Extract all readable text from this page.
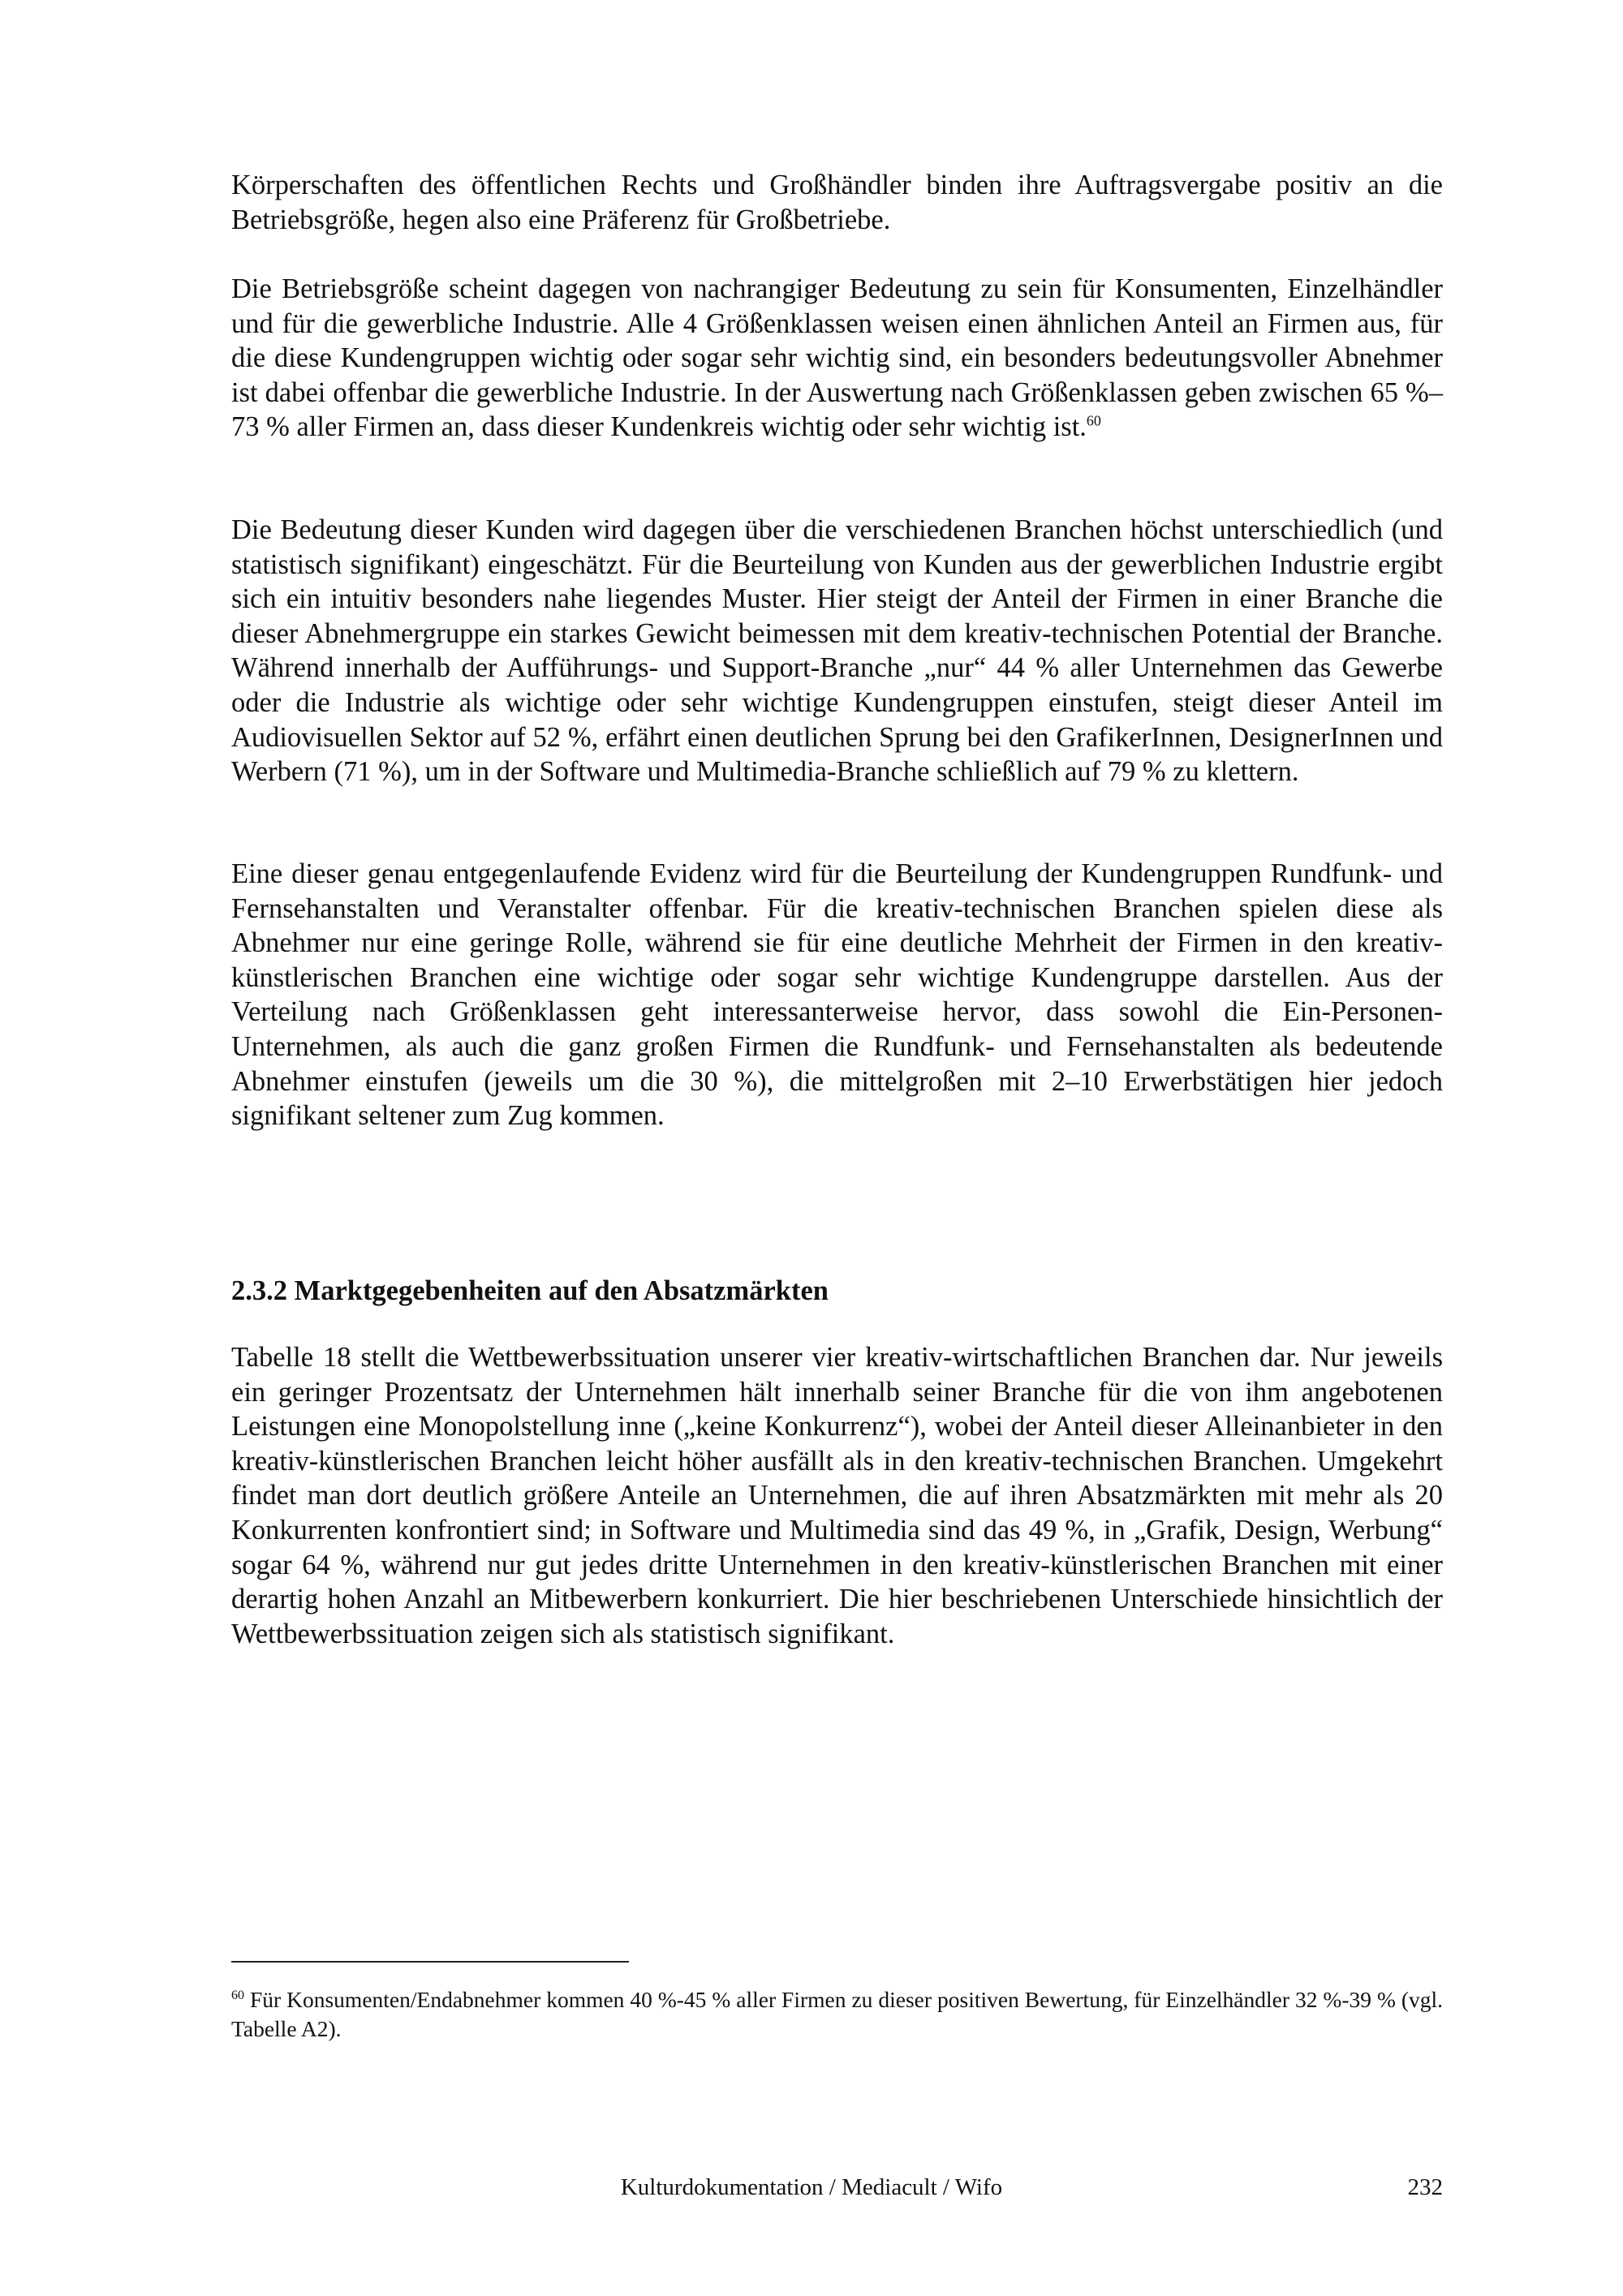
Körperschaften des öffentlichen Rechts und Großhändler binden ihre Auftragsvergabe positiv an die Betriebsgröße, hegen also eine Präferenz für Großbetriebe.

Die Betriebsgröße scheint dagegen von nachrangiger Bedeutung zu sein für Konsumenten, Einzelhändler und für die gewerbliche Industrie. Alle 4 Größenklassen weisen einen ähnlichen Anteil an Firmen aus, für die diese Kundengruppen wichtig oder sogar sehr wichtig sind, ein besonders bedeutungsvoller Abnehmer ist dabei offenbar die gewerbliche Industrie. In der Auswertung nach Größenklassen geben zwischen 65 %–73 % aller Firmen an, dass dieser Kundenkreis wichtig oder sehr wichtig ist.$^{60}$

Die Bedeutung dieser Kunden wird dagegen über die verschiedenen Branchen höchst unterschiedlich (und statistisch signifikant) eingeschätzt. Für die Beurteilung von Kunden aus der gewerblichen Industrie ergibt sich ein intuitiv besonders nahe liegendes Muster. Hier steigt der Anteil der Firmen in einer Branche die dieser Abnehmergruppe ein starkes Gewicht beimessen mit dem kreativ-technischen Potential der Branche. Während innerhalb der Aufführungs- und Support-Branche „nur“ 44 % aller Unternehmen das Gewerbe oder die Industrie als wichtige oder sehr wichtige Kundengruppen einstufen, steigt dieser Anteil im Audiovisuellen Sektor auf 52 %, erfährt einen deutlichen Sprung bei den GrafikerInnen, DesignerInnen und Werbern (71 %), um in der Software und Multimedia-Branche schließlich auf 79 % zu klettern.

Eine dieser genau entgegenlaufende Evidenz wird für die Beurteilung der Kundengruppen Rundfunk- und Fernsehanstalten und Veranstalter offenbar. Für die kreativ-technischen Branchen spielen diese als Abnehmer nur eine geringe Rolle, während sie für eine deutliche Mehrheit der Firmen in den kreativ-künstlerischen Branchen eine wichtige oder sogar sehr wichtige Kundengruppe darstellen. Aus der Verteilung nach Größenklassen geht interessanterweise hervor, dass sowohl die Ein-Personen-Unternehmen, als auch die ganz großen Firmen die Rundfunk- und Fernsehanstalten als bedeutende Abnehmer einstufen (jeweils um die 30 %), die mittelgroßen mit 2–10 Erwerbstätigen hier jedoch signifikant seltener zum Zug kommen.

2.3.2 Marktgegebenheiten auf den Absatzmärkten

Tabelle 18 stellt die Wettbewerbssituation unserer vier kreativ-wirtschaftlichen Branchen dar. Nur jeweils ein geringer Prozentsatz der Unternehmen hält innerhalb seiner Branche für die von ihm angebotenen Leistungen eine Monopolstellung inne („keine Konkurrenz“), wobei der Anteil dieser Alleinanbieter in den kreativ-künstlerischen Branchen leicht höher ausfällt als in den kreativ-technischen Branchen. Umgekehrt findet man dort deutlich größere Anteile an Unternehmen, die auf ihren Absatzmärkten mit mehr als 20 Konkurrenten konfrontiert sind; in Software und Multimedia sind das 49 %, in „Grafik, Design, Werbung“ sogar 64 %, während nur gut jedes dritte Unternehmen in den kreativ-künstlerischen Branchen mit einer derartig hohen Anzahl an Mitbewerbern konkurriert. Die hier beschriebenen Unterschiede hinsichtlich der Wettbewerbssituation zeigen sich als statistisch signifikant.

$^{60}$ Für Konsumenten/Endabnehmer kommen 40 %-45 % aller Firmen zu dieser positiven Bewertung, für Einzelhändler 32 %-39 % (vgl. Tabelle A2).
Kulturdokumentation / Mediacult / Wifo	232
